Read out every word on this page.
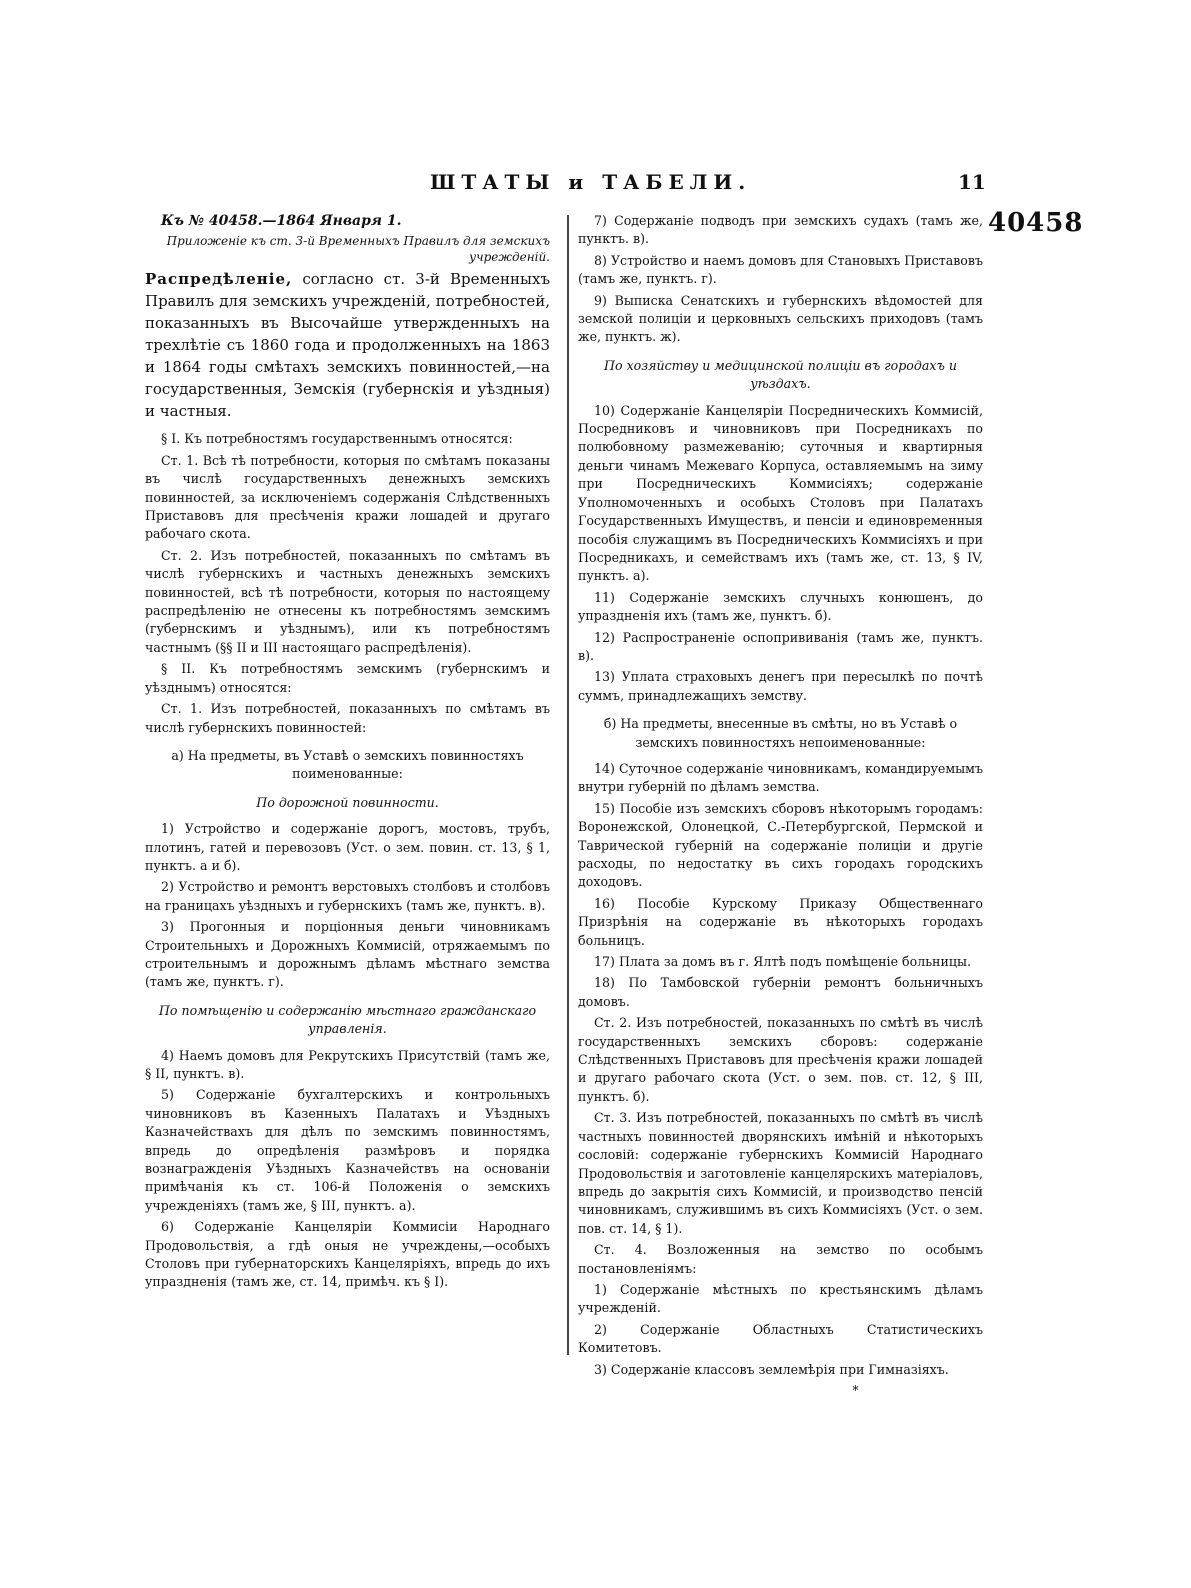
ШТАТЫ и ТАБЕЛИ.	11
40458

Къ № 40458.—1864 Января 1.

Приложеніе къ ст. 3-й Временныхъ Правилъ для земскихъ учрежденій.

Распредѣленіе, согласно ст. 3-й Временныхъ Правилъ для земскихъ учрежденій, потребностей, показанныхъ въ Высочайше утвержденныхъ на трехлѣтіе съ 1860 года и продолженныхъ на 1863 и 1864 годы смѣтахъ земскихъ повинностей,—на государственныя, Земскія (губернскія и уѣздныя) и частныя.

§ I. Къ потребностямъ государственнымъ относятся:

Ст. 1. Всѣ тѣ потребности, которыя по смѣтамъ показаны въ числѣ государственныхъ денежныхъ земскихъ повинностей, за исключеніемъ содержанія Слѣдственныхъ Приставовъ для пресѣченія кражи лошадей и другаго рабочаго скота.

Ст. 2. Изъ потребностей, показанныхъ по смѣтамъ въ числѣ губернскихъ и частныхъ денежныхъ земскихъ повинностей, всѣ тѣ потребности, которыя по настоящему распредѣленію не отнесены къ потребностямъ земскимъ (губернскимъ и уѣзднымъ), или къ потребностямъ частнымъ (§§ II и III настоящаго распредѣленія).

§ II. Къ потребностямъ земскимъ (губернскимъ и уѣзднымъ) относятся:

Ст. 1. Изъ потребностей, показанныхъ по смѣтамъ въ числѣ губернскихъ повинностей:

а) На предметы, въ Уставѣ о земскихъ повинностяхъ поименованные:

По дорожной повинности.

1) Устройство и содержаніе дорогъ, мостовъ, трубъ, плотинъ, гатей и перевозовъ (Уст. о зем. повин. ст. 13, § 1, пунктъ. а и б).

2) Устройство и ремонтъ верстовыхъ столбовъ и столбовъ на границахъ уѣздныхъ и губернскихъ (тамъ же, пунктъ. в).

3) Прогонныя и порціонныя деньги чиновникамъ Строительныхъ и Дорожныхъ Коммисій, отряжаемымъ по строительнымъ и дорожнымъ дѣламъ мѣстнаго земства (тамъ же, пунктъ. г).

По помѣщенію и содержанію мѣстнаго гражданскаго управленія.

4) Наемъ домовъ для Рекрутскихъ Присутствій (тамъ же, § II, пунктъ. в).

5) Содержаніе бухгалтерскихъ и контрольныхъ чиновниковъ въ Казенныхъ Палатахъ и Уѣздныхъ Казначействахъ для дѣлъ по земскимъ повинностямъ, впредь до опредѣленія размѣровъ и порядка вознагражденія Уѣздныхъ Казначействъ на основаніи примѣчанія къ ст. 106-й Положенія о земскихъ учрежденіяхъ (тамъ же, § III, пунктъ. а).

6) Содержаніе Канцеляріи Коммисіи Народнаго Продовольствія, а гдѣ оныя не учреждены,—особыхъ Столовъ при губернаторскихъ Канцеляріяхъ, впредь до ихъ упраздненія (тамъ же, ст. 14, примѣч. къ § I).

7) Содержаніе подводъ при земскихъ судахъ (тамъ же, пунктъ. в).

8) Устройство и наемъ домовъ для Становыхъ Приставовъ (тамъ же, пунктъ. г).

9) Выписка Сенатскихъ и губернскихъ вѣдомостей для земской полиціи и церковныхъ сельскихъ приходовъ (тамъ же, пунктъ. ж).

По хозяйству и медицинской полиціи въ городахъ и уѣздахъ.

10) Содержаніе Канцеляріи Посредническихъ Коммисій, Посредниковъ и чиновниковъ при Посредникахъ по полюбовному размежеванію; суточныя и квартирныя деньги чинамъ Межеваго Корпуса, оставляемымъ на зиму при Посредническихъ Коммисіяхъ; содержаніе Уполномоченныхъ и особыхъ Столовъ при Палатахъ Государственныхъ Имуществъ, и пенсіи и единовременныя пособія служащимъ въ Посредническихъ Коммисіяхъ и при Посредникахъ, и семействамъ ихъ (тамъ же, ст. 13, § IV, пунктъ. а).

11) Содержаніе земскихъ случныхъ конюшенъ, до упраздненія ихъ (тамъ же, пунктъ. б).

12) Распространеніе оспопрививанія (тамъ же, пунктъ. в).

13) Уплата страховыхъ денегъ при пересылкѣ по почтѣ суммъ, принадлежащихъ земству.

б) На предметы, внесенные въ смѣты, но въ Уставѣ о земскихъ повинностяхъ непоименованные:

14) Суточное содержаніе чиновникамъ, командируемымъ внутри губерній по дѣламъ земства.

15) Пособіе изъ земскихъ сборовъ нѣкоторымъ городамъ: Воронежской, Олонецкой, С.-Петербургской, Пермской и Таврической губерній на содержаніе полиціи и другіе расходы, по недостатку въ сихъ городахъ городскихъ доходовъ.

16) Пособіе Курскому Приказу Общественнаго Призрѣнія на содержаніе въ нѣкоторыхъ городахъ больницъ.

17) Плата за домъ въ г. Ялтѣ подъ помѣщеніе больницы.

18) По Тамбовской губерніи ремонтъ больничныхъ домовъ.

Ст. 2. Изъ потребностей, показанныхъ по смѣтѣ въ числѣ государственныхъ земскихъ сборовъ: содержаніе Слѣдственныхъ Приставовъ для пресѣченія кражи лошадей и другаго рабочаго скота (Уст. о зем. пов. ст. 12, § III, пунктъ. б).

Ст. 3. Изъ потребностей, показанныхъ по смѣтѣ въ числѣ частныхъ повинностей дворянскихъ имѣній и нѣкоторыхъ сословій: содержаніе губернскихъ Коммисій Народнаго Продовольствія и заготовленіе канцелярскихъ матеріаловъ, впредь до закрытія сихъ Коммисій, и производство пенсій чиновникамъ, служившимъ въ сихъ Коммисіяхъ (Уст. о зем. пов. ст. 14, § 1).

Ст. 4. Возложенныя на земство по особымъ постановленіямъ:

1) Содержаніе мѣстныхъ по крестьянскимъ дѣламъ учрежденій.

2) Содержаніе Областныхъ Статистическихъ Комитетовъ.

3) Содержаніе классовъ землемѣрія при Гимназіяхъ.

*
